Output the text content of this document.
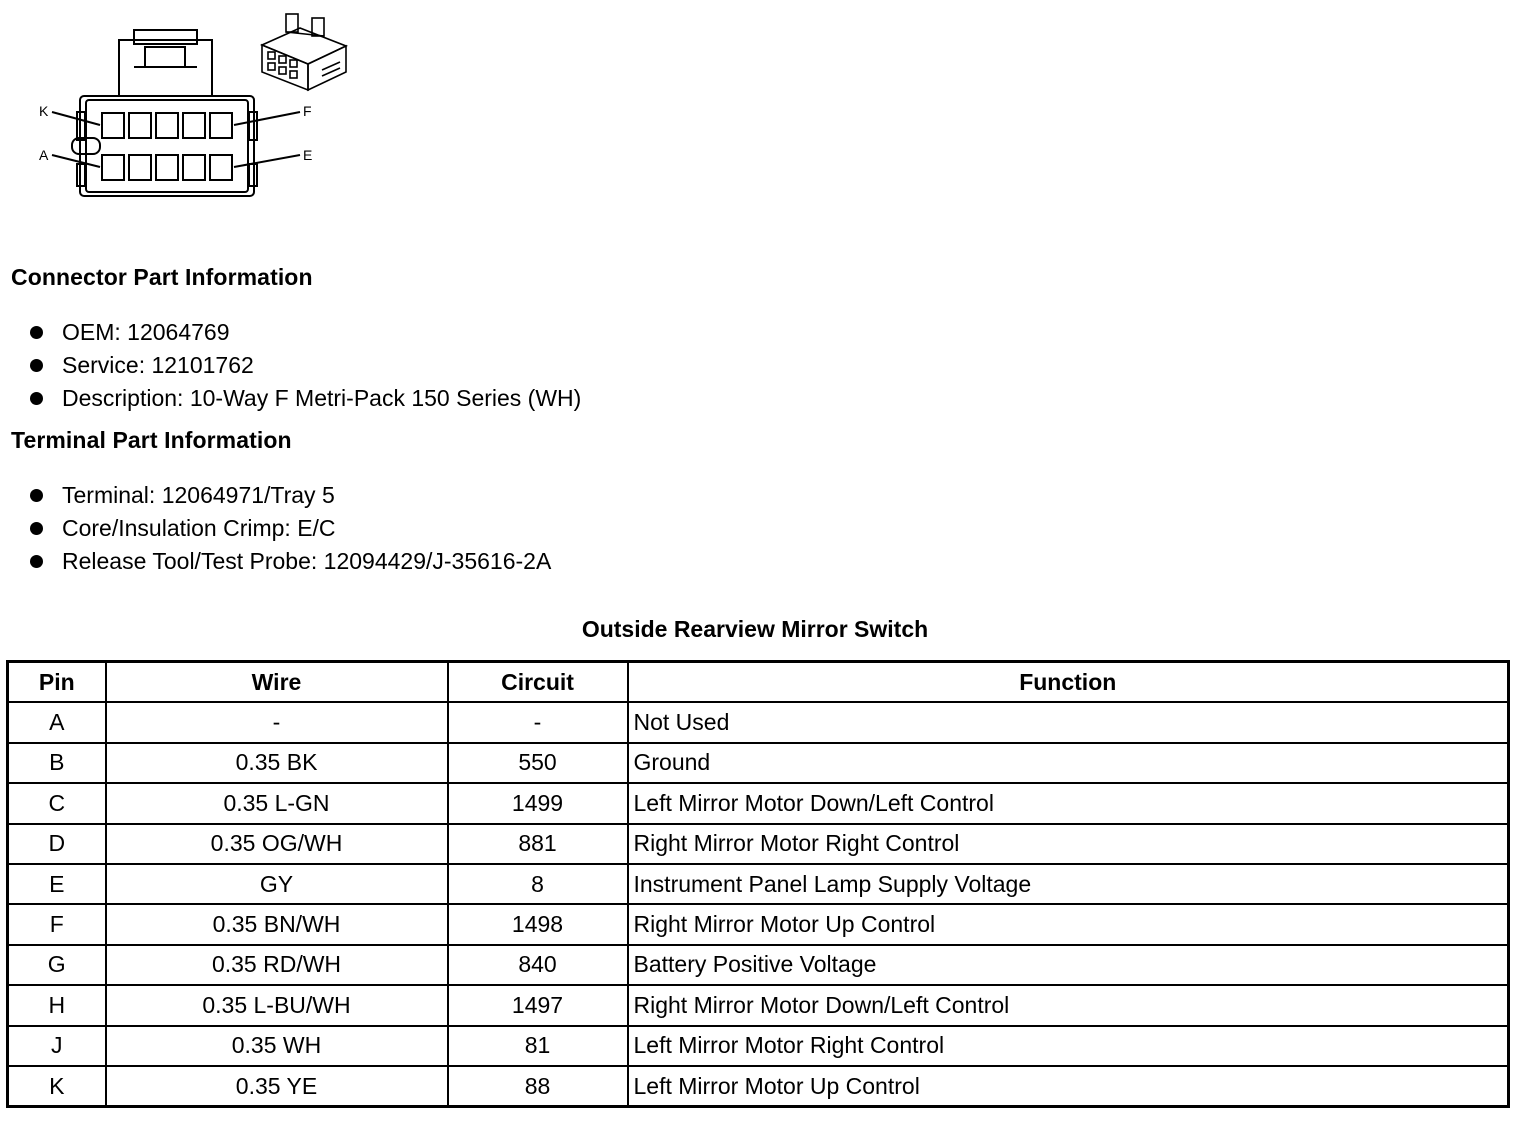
K
A
F
E
Connector Part Information
OEM: 12064769
Service: 12101762
Description: 10-Way F Metri-Pack 150 Series (WH)
Terminal Part Information
Terminal: 12064971/Tray 5
Core/Insulation Crimp: E/C
Release Tool/Test Probe: 12094429/J-35616-2A
Outside Rearview Mirror Switch
Pin	Wire	Circuit	Function
A	-	-	Not Used
B	0.35 BK	550	Ground
C	0.35 L-GN	1499	Left Mirror Motor Down/Left Control
D	0.35 OG/WH	881	Right Mirror Motor Right Control
E	GY	8	Instrument Panel Lamp Supply Voltage
F	0.35 BN/WH	1498	Right Mirror Motor Up Control
G	0.35 RD/WH	840	Battery Positive Voltage
H	0.35 L-BU/WH	1497	Right Mirror Motor Down/Left Control
J	0.35 WH	81	Left Mirror Motor Right Control
K	0.35 YE	88	Left Mirror Motor Up Control
